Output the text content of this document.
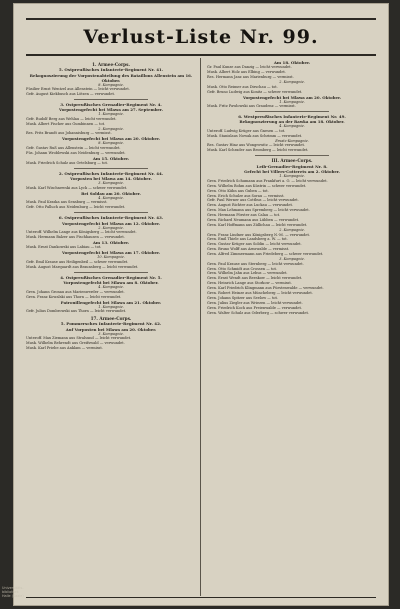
Verlust-Liste Nr. 99.
1. Armee-Corps.
5. Ostpreußisches Infanterie-Regiment Nr. 41.
Rekognoszierung der Vorpostenabteilung des Bataillons Allenstein am 16. Oktober.
8. Kompagnie.
Füsilier Ernst Wentzel aus Allenstein — leicht verwundet.
Gefr. August Kiekbusch aus Lötzen — verwundet.
3. Ostpreußisches Grenadier-Regiment Nr. 4.
Vorpostengefecht bei Mlawa am 27. September.
1. Kompagnie.
Gefr. Rudolf Berg aus Wehlau — leicht verwundet.
Musk. Albert Fischer aus Gumbinnen — tot.
2. Kompagnie.
Res. Fritz Brandt aus Johannisburg — vermisst.
Vorpostengefecht bei Mlawa am 20. Oktober.
8. Kompagnie.
Gefr. Gustav Ruß aus Allenstein — leicht verwundet.
Füs. Johann Wroblewski aus Neidenburg — verwundet.
Am 15. Oktober.
Musk. Friedrich Schulz aus Ortelsburg — tot.
2. Ostpreußisches Infanterie-Regiment Nr. 44.
Vorposten bei Mlawa am 14. Oktober.
3. Kompagnie.
Musk. Karl Wischnewski aus Lyck — schwer verwundet.
Bei Soldau am 20. Oktober.
4. Kompagnie.
Musk. Paul Kraska aus Sensburg — vermisst.
Gefr. Otto Palluch aus Neidenburg — leicht verwundet.
6. Ostpreußisches Infanterie-Regiment Nr. 43.
Vorpostengefecht bei Mlawa am 12. Oktober.
2. Kompagnie.
Unteroff. Wilhelm Lange aus Königsberg — leicht verwundet.
Musk. Hermann Balzer aus Fischhausen — verwundet.
Am 13. Oktober.
Musk. Ernst Dankowski aus Labiau — tot.
Vorpostengefecht bei Mlawa am 17. Oktober.
10. Kompagnie.
Gefr. Emil Krause aus Heiligenbeil — schwer verwundet.
Musk. August Marquardt aus Braunsberg — leicht verwundet.
4. Ostpreußisches Grenadier-Regiment Nr. 5.
Vorpostengefecht bei Mlawa am 8. Oktober.
4. Kompagnie.
Gren. Johann Gronau aus Marienwerder — verwundet.
Gren. Franz Kowalski aus Thorn — leicht verwundet.
Patrouillengefecht bei Mlawa am 21. Oktober.
1. Kompagnie.
Gefr. Julius Dombrowski aus Thorn — leicht verwundet.
17. Armee-Corps.
5. Pommersches Infanterie-Regiment Nr. 42.
Auf Vorposten bei Mlawa am 20. Oktober.
3. Kompagnie.
Unteroff. Max Ziemann aus Stralsund — leicht verwundet.
Musk. Wilhelm Behrendt aus Greifswald — verwundet.
Musk. Karl Priebe aus Anklam — vermisst.
Am 18. Oktober.
Gr. Paul Kunze aus Danzig — leicht verwundet.
Musk. Albert Holz aus Elbing — verwundet.
Res. Hermann Janz aus Marienburg — vermisst.
2. Kompagnie.
Musk. Otto Reimer aus Dirschau — tot.
Gefr. Bruno Ludwig aus Konitz — schwer verwundet.
Vorpostengefecht bei Mlawa am 20. Oktober.
1. Kompagnie.
Musk. Fritz Pawlowski aus Graudenz — vermisst.
6. Westpreußisches Infanterie-Regiment Nr. 49.
Rekognoszierung an der Rawka am 18. Oktober.
4. Kompagnie.
Unteroff. Ludwig Krüger aus Gnesen — tot.
Musk. Stanislaus Nowak aus Schrimm — verwundet.
Ersatz-Kompagnie.
Res. Gustav Hinz aus Wongrowitz — leicht verwundet.
Musk. Karl Schrader aus Bromberg — leicht verwundet.
III. Armee-Corps.
Leib-Grenadier-Regiment Nr. 8.
Gefecht bei Villers-Cotterets am 2. Oktober.
1. Kompagnie.
Gren. Friedrich Schumann aus Frankfurt a. O. — leicht verwundet.
Gren. Wilhelm Bohm aus Küstrin — schwer verwundet.
Gren. Otto Kühn aus Guben — tot.
Gren. Erich Schulze aus Sorau — vermisst.
Gefr. Paul Werner aus Cottbus — leicht verwundet.
Gren. August Richter aus Luckau — verwundet.
Gren. Max Lehmann aus Spremberg — leicht verwundet.
Gren. Hermann Förster aus Calau — tot.
Gren. Richard Neumann aus Lübben — verwundet.
Gren. Karl Hoffmann aus Züllichau — leicht verwundet.
2. Kompagnie.
Gren. Franz Lindner aus Königsberg N.-M. — verwundet.
Gren. Emil Thiele aus Landsberg a. W. — tot.
Gren. Gustav Krüger aus Soldin — leicht verwundet.
Gren. Bruno Wolff aus Arnswalde — vermisst.
Gren. Alfred Zimmermann aus Friedeberg — schwer verwundet.
3. Kompagnie.
Gren. Paul Krause aus Sternberg — leicht verwundet.
Gren. Otto Schmidt aus Crossen — tot.
Gren. Wilhelm Jahn aus Lebus — verwundet.
Gren. Ernst Wendt aus Beeskow — leicht verwundet.
Gren. Heinrich Lange aus Storkow — vermisst.
Gren. Karl Friedrich Klingmann aus Fürstenwalde — verwundet.
Gren. Robert Heinze aus Müncheberg — leicht verwundet.
Gren. Johann Spitzer aus Seelow — tot.
Gren. Julius Ziegler aus Wriezen — leicht verwundet.
Gren. Friedrich Koch aus Freienwalde — verwundet.
Gren. Walter Schulz aus Oderberg — schwer verwundet.
Universitäts-
bibliothek
Halle (Saale)
